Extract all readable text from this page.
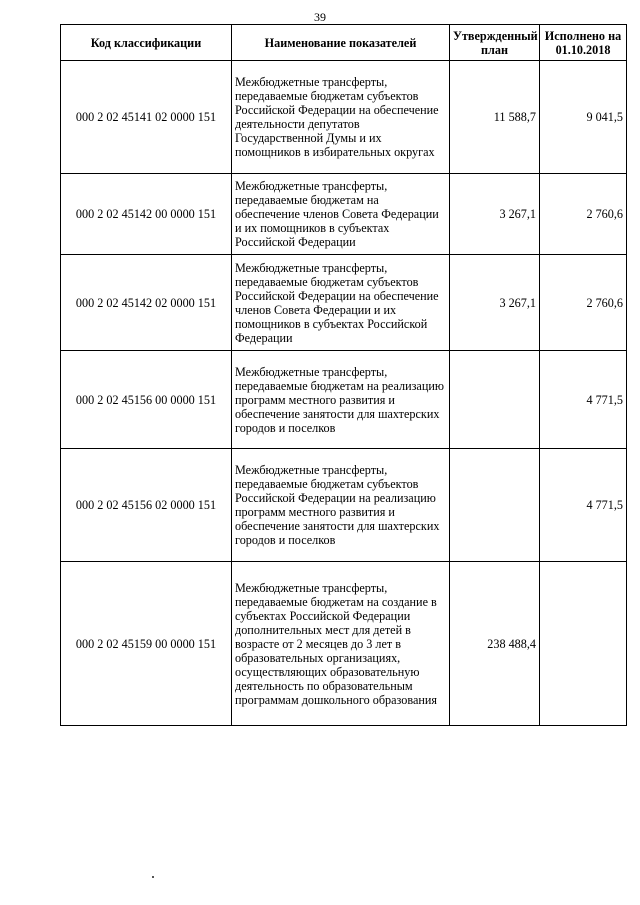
39
Код классификации	Наименование показателей	Утвержденный план	Исполнено на 01.10.2018
000 2 02 45141 02 0000 151	Межбюджетные трансферты, передаваемые бюджетам субъектов Российской Федерации на обеспечение деятельности депутатов Государственной Думы и их помощников в избирательных округах	11 588,7	9 041,5
000 2 02 45142 00 0000 151	Межбюджетные трансферты, передаваемые бюджетам на обеспечение членов Совета Федерации и их помощников в субъектах Российской Федерации	3 267,1	2 760,6
000 2 02 45142 02 0000 151	Межбюджетные трансферты, передаваемые бюджетам субъектов Российской Федерации на обеспечение членов Совета Федерации и их помощников в субъектах Российской Федерации	3 267,1	2 760,6
000 2 02 45156 00 0000 151	Межбюджетные трансферты, передаваемые бюджетам на реализацию программ местного развития и обеспечение занятости для шахтерских городов и поселков		4 771,5
000 2 02 45156 02 0000 151	Межбюджетные трансферты, передаваемые бюджетам субъектов Российской Федерации на реализацию программ местного развития и обеспечение занятости для шахтерских городов и поселков		4 771,5
000 2 02 45159 00 0000 151	Межбюджетные трансферты, передаваемые бюджетам на создание в субъектах Российской Федерации дополнительных мест для детей в возрасте от 2 месяцев до 3 лет в образовательных организациях, осуществляющих образовательную деятельность по образовательным программам дошкольного образования	238 488,4	
